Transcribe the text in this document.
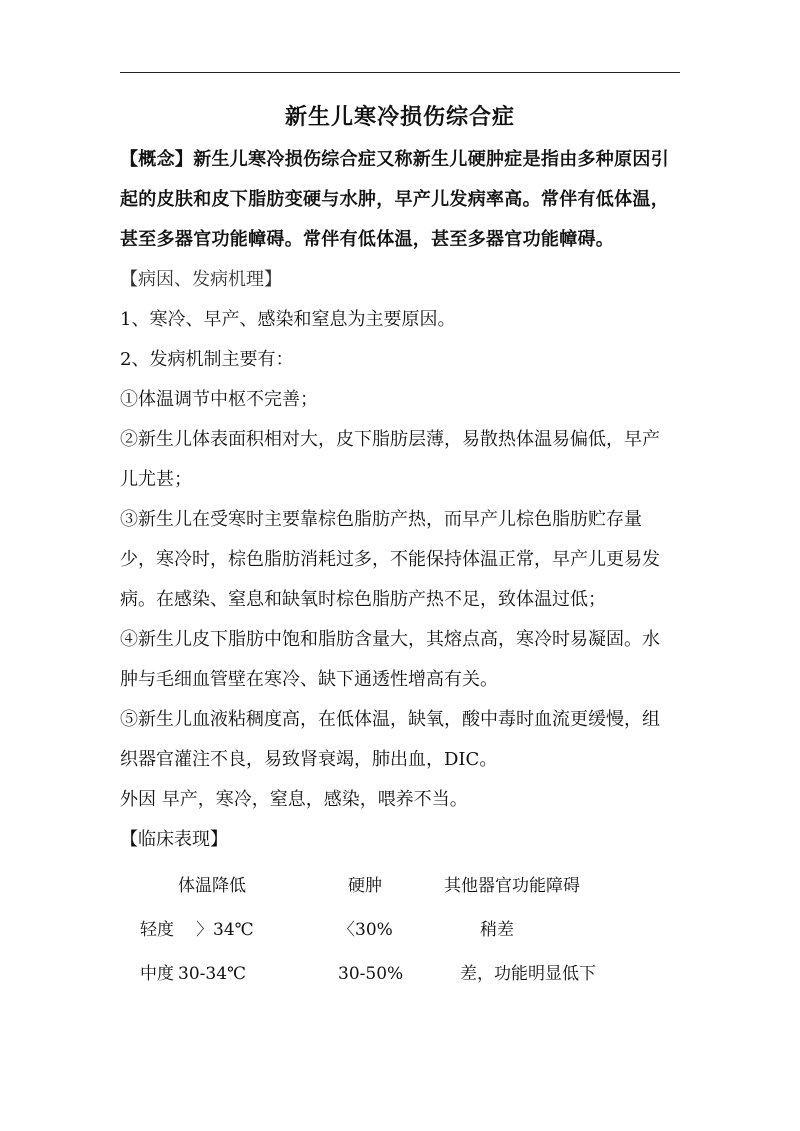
新生儿寒冷损伤综合症
【概念】新生儿寒冷损伤综合症又称新生儿硬肿症是指由多种原因引
起的皮肤和皮下脂肪变硬与水肿，早产儿发病率高。常伴有低体温，
甚至多器官功能幛碍。常伴有低体温，甚至多器官功能幛碍。
【病因、发病机理】
1、寒冷、早产、感染和窒息为主要原因。
2、发病机制主要有：
①体温调节中枢不完善；
②新生儿体表面积相对大，皮下脂肪层薄，易散热体温易偏低，早产
儿尤甚；
③新生儿在受寒时主要靠棕色脂肪产热，而早产儿棕色脂肪贮存量
少，寒冷时，棕色脂肪消耗过多，不能保持体温正常，早产儿更易发
病。在感染、窒息和缺氧时棕色脂肪产热不足，致体温过低；
④新生儿皮下脂肪中饱和脂肪含量大，其熔点高，寒冷时易凝固。水
肿与毛细血管壁在寒冷、缺下通透性增高有关。
⑤新生儿血液粘稠度高，在低体温，缺氧，酸中毒时血流更缓慢，组
织器官灌注不良，易致肾衰竭，肺出血，DIC。
外因 早产，寒冷，窒息，感染，喂养不当。
【临床表现】
体温降低	硬肿	其他器官功能障碍
轻度 〉34℃	〈30%	稍差
中度 30-34℃	30-50%	差，功能明显低下
